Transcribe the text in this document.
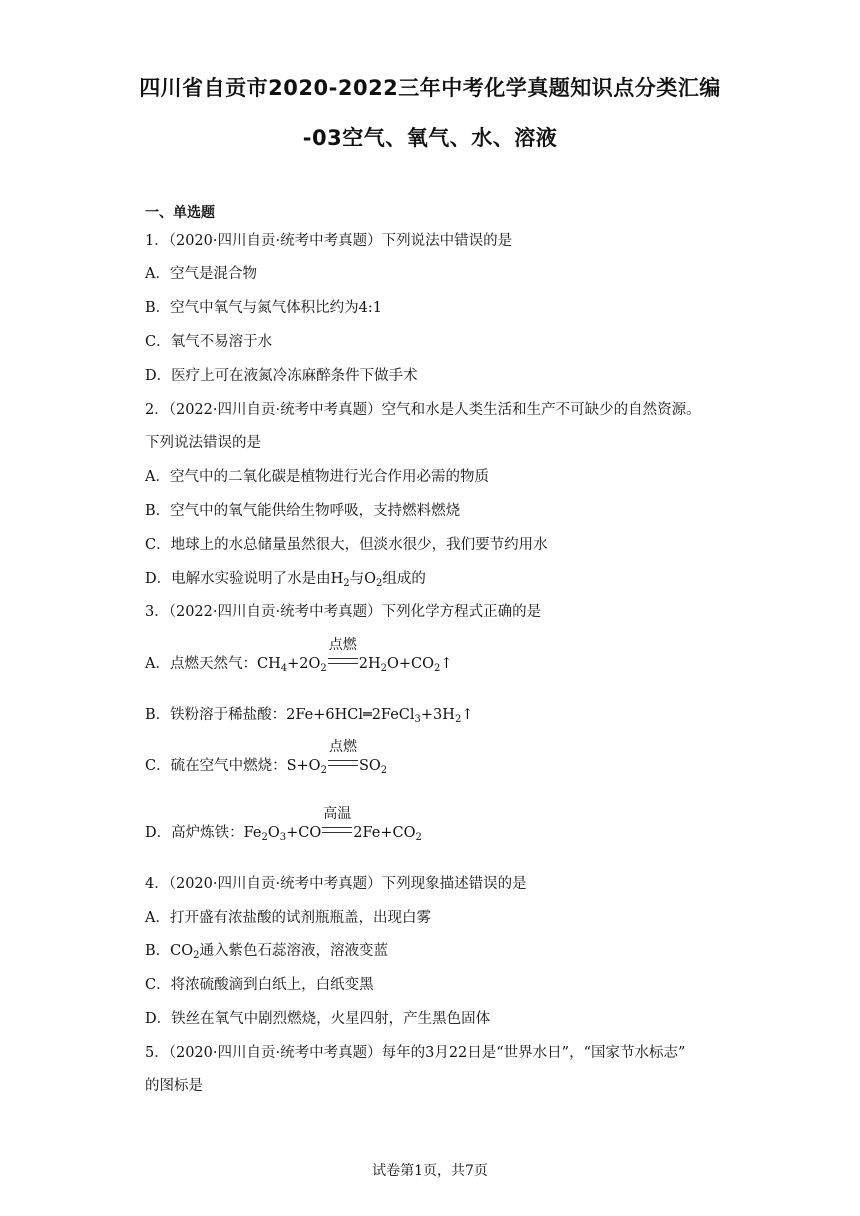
四川省自贡市2020-2022三年中考化学真题知识点分类汇编
-03空气、氧气、水、溶液
一、单选题
1．（2020·四川自贡·统考中考真题）下列说法中错误的是
A．空气是混合物
B．空气中氧气与氮气体积比约为4:1
C．氧气不易溶于水
D．医疗上可在液氮冷冻麻醉条件下做手术
2．（2022·四川自贡·统考中考真题）空气和水是人类生活和生产不可缺少的自然资源。
下列说法错误的是
A．空气中的二氧化碳是植物进行光合作用必需的物质
B．空气中的氧气能供给生物呼吸，支持燃料燃烧
C．地球上的水总储量虽然很大，但淡水很少，我们要节约用水
D．电解水实验说明了水是由$H_2$与$O_2$组成的
3．（2022·四川自贡·统考中考真题）下列化学方程式正确的是
A．点燃天然气：$CH_4+2O_2$
点燃
$2H_2O+CO_2↑$
B．铁粉溶于稀盐酸：$2Fe+6HCl═2FeCl_3+3H_2↑$
C．硫在空气中燃烧：$S+O_2$
点燃
$SO_2$
D．高炉炼铁：$Fe_2O_3+CO$
高温
$2Fe+CO_2$
4．（2020·四川自贡·统考中考真题）下列现象描述错误的是
A．打开盛有浓盐酸的试剂瓶瓶盖，出现白雾
B．$CO_2$通入紫色石蕊溶液，溶液变蓝
C．将浓硫酸滴到白纸上，白纸变黑
D．铁丝在氧气中剧烈燃烧，火星四射，产生黑色固体
5．（2020·四川自贡·统考中考真题）每年的3月22日是“世界水日”，“国家节水标志”
的图标是
试卷第1页，共7页
